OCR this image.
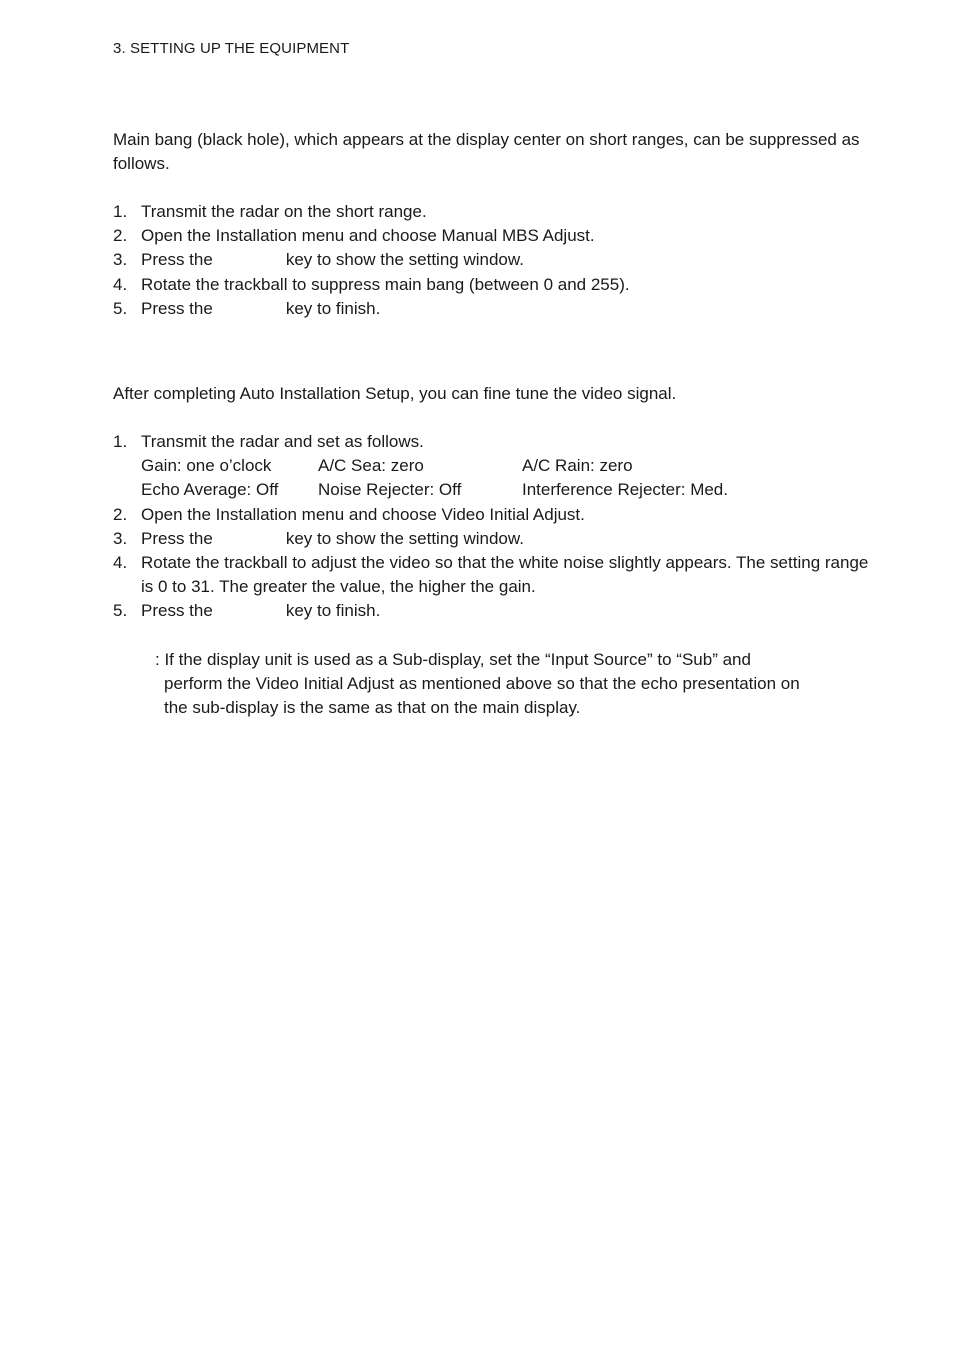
3. SETTING UP THE EQUIPMENT

Main bang (black hole), which appears at the display center on short ranges, can be suppressed as follows.

1. Transmit the radar on the short range.
2. Open the Installation menu and choose Manual MBS Adjust.
3. Press the	key to show the setting window.
4. Rotate the trackball to suppress main bang (between 0 and 255).
5. Press the	key to finish.

After completing Auto Installation Setup, you can fine tune the video signal.

1. Transmit the radar and set as follows.
Gain: one o’clock	A/C Sea: zero	A/C Rain: zero
Echo Average: Off	Noise Rejecter: Off	Interference Rejecter: Med.
2. Open the Installation menu and choose Video Initial Adjust.
3. Press the	key to show the setting window.
4. Rotate the trackball to adjust the video so that the white noise slightly appears. The setting range is 0 to 31. The greater the value, the higher the gain.
5. Press the	key to finish.

: If the display unit is used as a Sub-display, set the “Input Source” to “Sub” and
perform the Video Initial Adjust as mentioned above so that the echo presentation on
the sub-display is the same as that on the main display.
